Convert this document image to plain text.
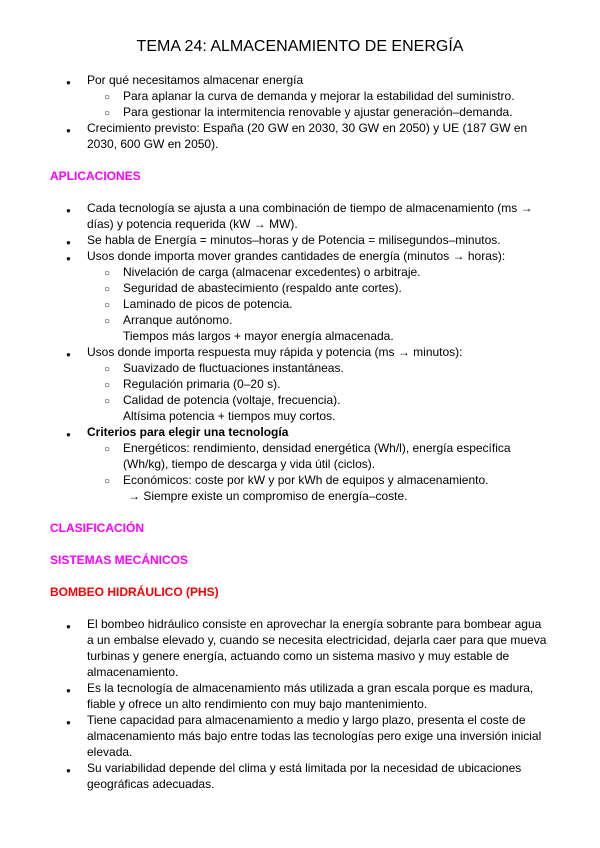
TEMA 24: ALMACENAMIENTO DE ENERGÍA
●
Por qué necesitamos almacenar energía
○
Para aplanar la curva de demanda y mejorar la estabilidad del suministro.
○
Para gestionar la intermitencia renovable y ajustar generación–demanda.
●
Crecimiento previsto: España (20 GW en 2030, 30 GW en 2050) y UE (187 GW en
2030, 600 GW en 2050).
APLICACIONES
●
Cada tecnología se ajusta a una combinación de tiempo de almacenamiento (ms →
días) y potencia requerida (kW → MW).
●
Se habla de Energía = minutos–horas y de Potencia = milisegundos–minutos.
●
Usos donde importa mover grandes cantidades de energía (minutos → horas):
○
Nivelación de carga (almacenar excedentes) o arbitraje.
○
Seguridad de abastecimiento (respaldo ante cortes).
○
Laminado de picos de potencia.
○
Arranque autónomo.
Tiempos más largos + mayor energía almacenada.
●
Usos donde importa respuesta muy rápida y potencia (ms → minutos):
○
Suavizado de fluctuaciones instantáneas.
○
Regulación primaria (0–20 s).
○
Calidad de potencia (voltaje, frecuencia).
Altísima potencia + tiempos muy cortos.
●
Criterios para elegir una tecnología
○
Energéticos: rendimiento, densidad energética (Wh/l), energía específica
(Wh/kg), tiempo de descarga y vida útil (ciclos).
○
Económicos: coste por kW y por kWh de equipos y almacenamiento.
→ Siempre existe un compromiso de energía–coste.
CLASIFICACIÓN
SISTEMAS MECÁNICOS
BOMBEO HIDRÁULICO (PHS)
●
El bombeo hidráulico consiste en aprovechar la energía sobrante para bombear agua
a un embalse elevado y, cuando se necesita electricidad, dejarla caer para que mueva
turbinas y genere energía, actuando como un sistema masivo y muy estable de
almacenamiento.
●
Es la tecnología de almacenamiento más utilizada a gran escala porque es madura,
fiable y ofrece un alto rendimiento con muy bajo mantenimiento.
●
Tiene capacidad para almacenamiento a medio y largo plazo, presenta el coste de
almacenamiento más bajo entre todas las tecnologías pero exige una inversión inicial
elevada.
●
Su variabilidad depende del clima y está limitada por la necesidad de ubicaciones
geográficas adecuadas.
